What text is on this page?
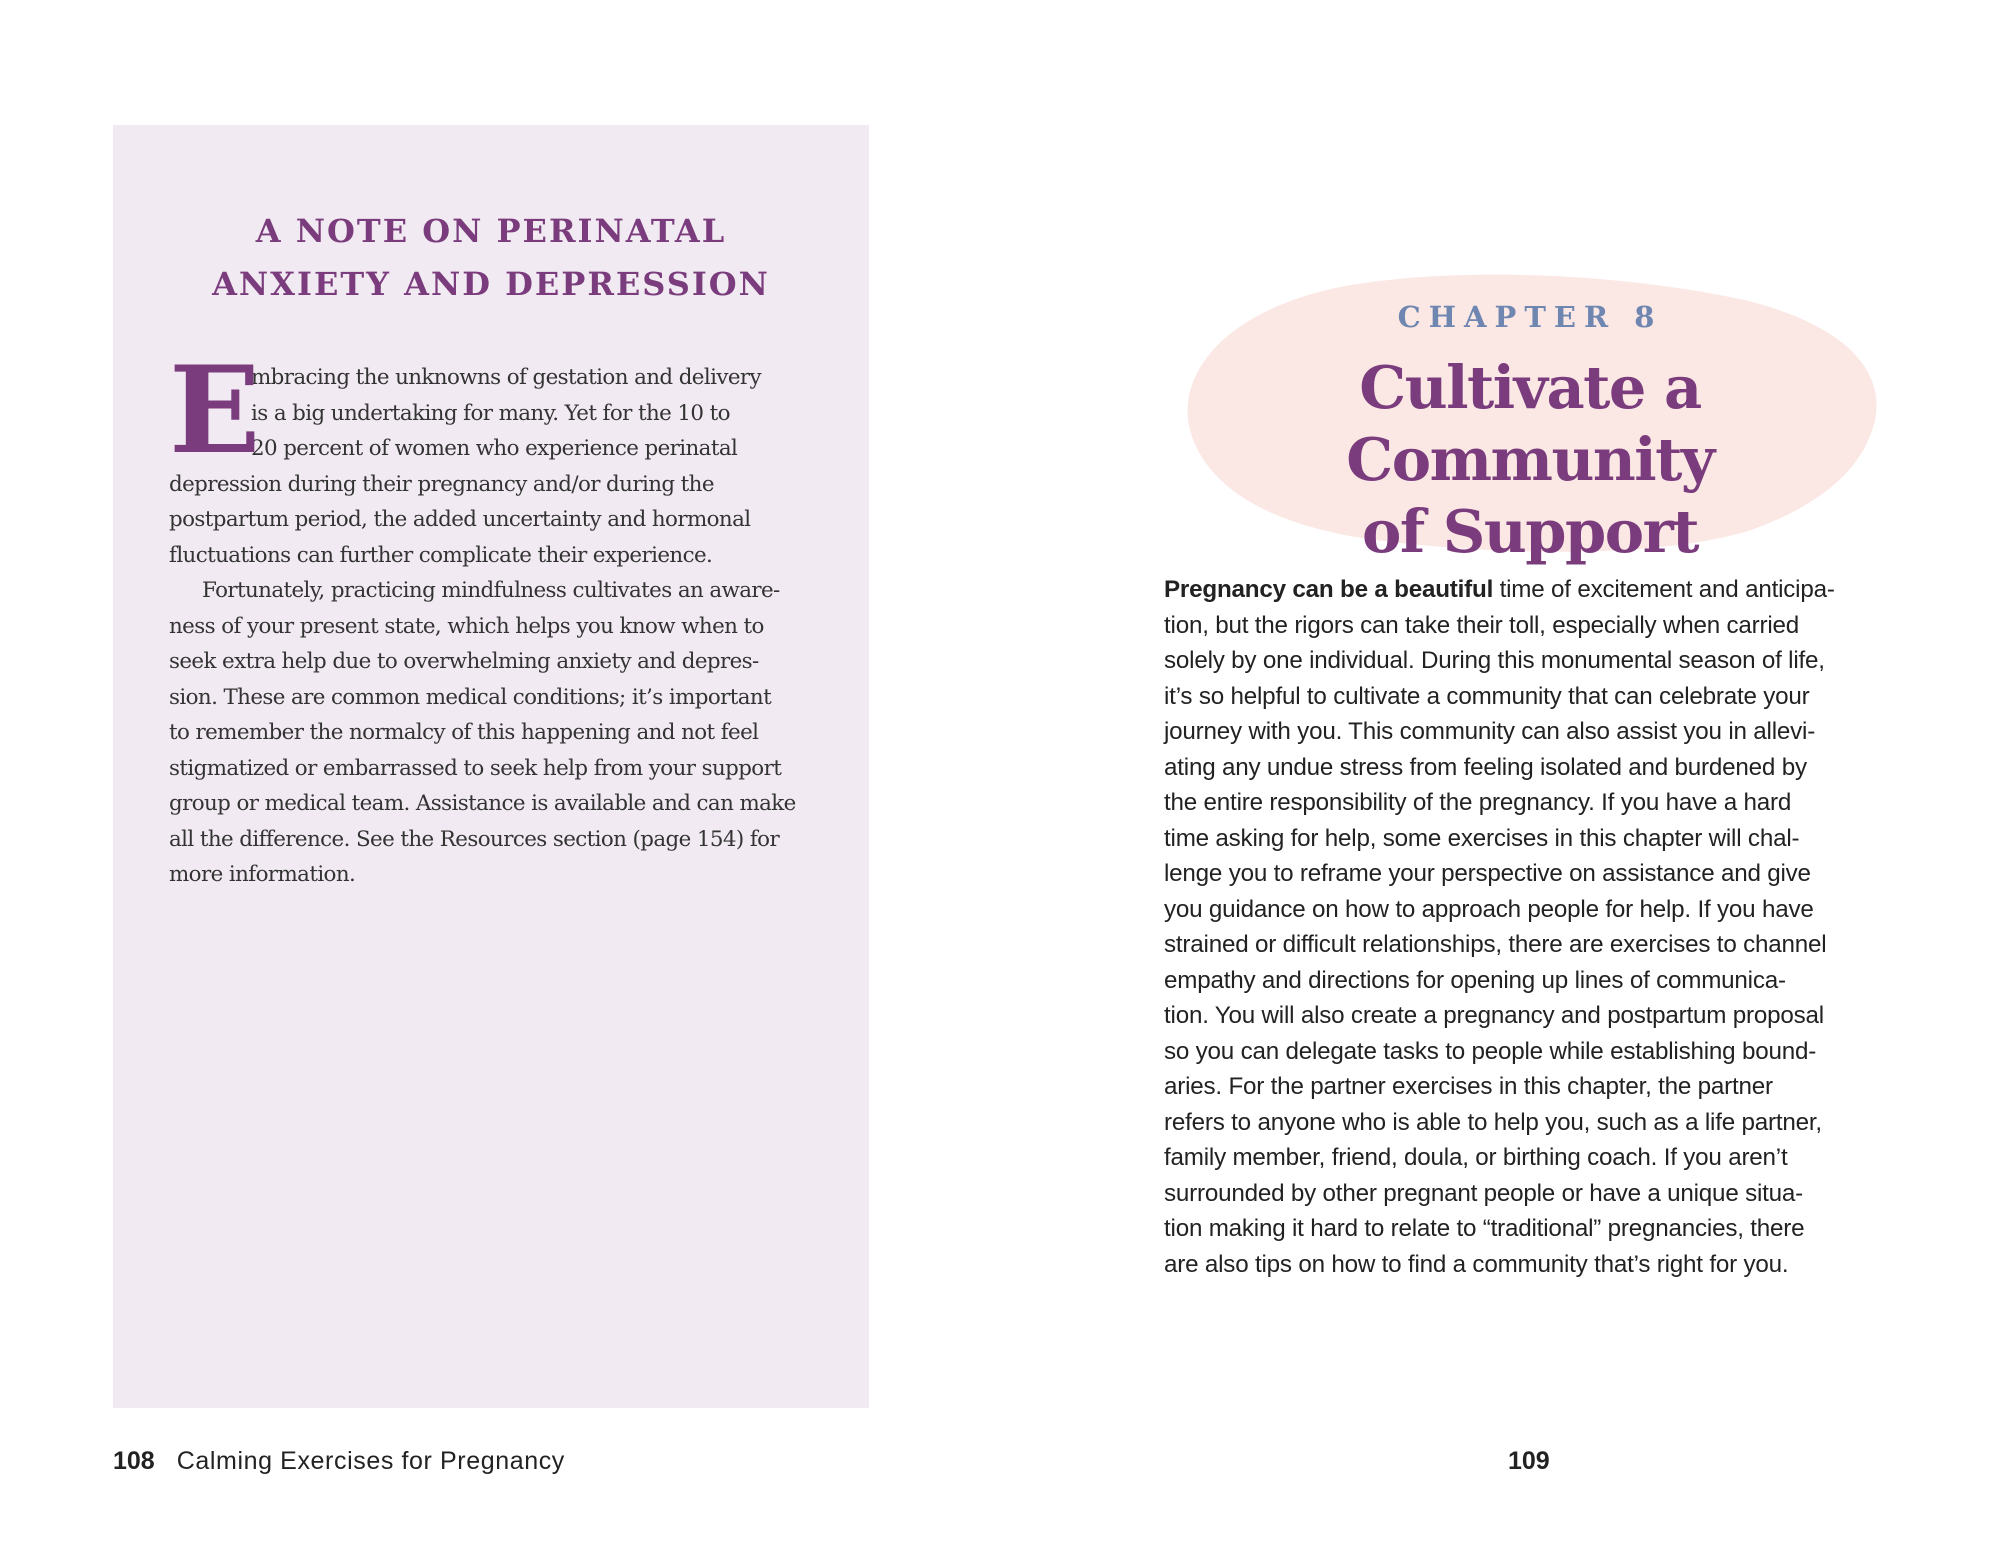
A NOTE ON PERINATAL
ANXIETY AND DEPRESSION
E
mbracing the unknowns of gestation and delivery
is a big undertaking for many. Yet for the 10 to
20 percent of women who experience perinatal
depression during their pregnancy and/or during the
postpartum period, the added uncertainty and hormonal
fluctuations can further complicate their experience.
Fortunately, practicing mindfulness cultivates an aware-
ness of your present state, which helps you know when to
seek extra help due to overwhelming anxiety and depres-
sion. These are common medical conditions; it’s important
to remember the normalcy of this happening and not feel
stigmatized or embarrassed to seek help from your support
group or medical team. Assistance is available and can make
all the difference. See the Resources section (page 154) for
more information.
108 Calming Exercises for Pregnancy
CHAPTER 8
Cultivate a Community
of Support
Pregnancy can be a beautiful time of excitement and anticipa-
tion, but the rigors can take their toll, especially when carried
solely by one individual. During this monumental season of life,
it’s so helpful to cultivate a community that can celebrate your
journey with you. This community can also assist you in allevi-
ating any undue stress from feeling isolated and burdened by
the entire responsibility of the pregnancy. If you have a hard
time asking for help, some exercises in this chapter will chal-
lenge you to reframe your perspective on assistance and give
you guidance on how to approach people for help. If you have
strained or difficult relationships, there are exercises to channel
empathy and directions for opening up lines of communica-
tion. You will also create a pregnancy and postpartum proposal
so you can delegate tasks to people while establishing bound-
aries. For the partner exercises in this chapter, the partner
refers to anyone who is able to help you, such as a life partner,
family member, friend, doula, or birthing coach. If you aren’t
surrounded by other pregnant people or have a unique situa-
tion making it hard to relate to “traditional” pregnancies, there
are also tips on how to find a community that’s right for you.
109
